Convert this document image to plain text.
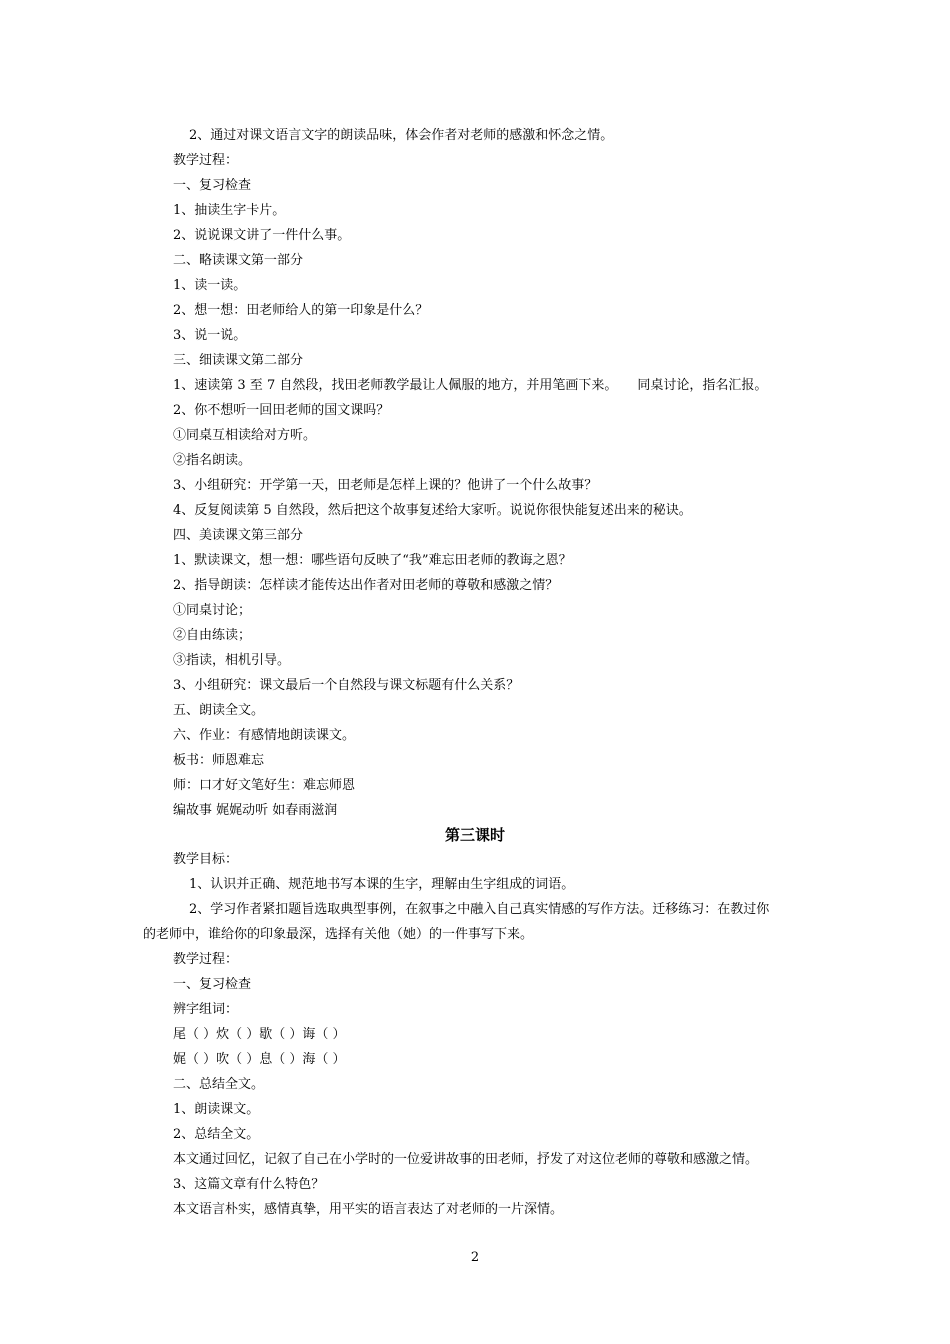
2、通过对课文语言文字的朗读品味，体会作者对老师的感激和怀念之情。
教学过程：
一、复习检查
1、抽读生字卡片。
2、说说课文讲了一件什么事。
二、略读课文第一部分
1、读一读。
2、想一想：田老师给人的第一印象是什么？
3、说一说。
三、细读课文第二部分
1、速读第 3 至 7 自然段，找田老师教学最让人佩服的地方，并用笔画下来。 同桌讨论，指名汇报。
2、你不想听一回田老师的国文课吗？
①同桌互相读给对方听。
②指名朗读。
3、小组研究：开学第一天，田老师是怎样上课的？他讲了一个什么故事？
4、反复阅读第 5 自然段，然后把这个故事复述给大家听。说说你很快能复述出来的秘诀。
四、美读课文第三部分
1、默读课文，想一想：哪些语句反映了“我”难忘田老师的教诲之恩？
2、指导朗读：怎样读才能传达出作者对田老师的尊敬和感激之情？
①同桌讨论；
②自由练读；
③指读，相机引导。
3、小组研究：课文最后一个自然段与课文标题有什么关系？
五、朗读全文。
六、作业：有感情地朗读课文。
板书：师恩难忘
师：口才好文笔好生：难忘师恩
编故事 娓娓动听 如春雨滋润
第三课时
教学目标：
1、认识并正确、规范地书写本课的生字，理解由生字组成的词语。
2、学习作者紧扣题旨选取典型事例，在叙事之中融入自己真实情感的写作方法。迁移练习：在教过你
的老师中，谁给你的印象最深，选择有关他（她）的一件事写下来。
教学过程：
一、复习检查
辨字组词：
尾（ ）炊（ ）歇（ ）诲（ ）
娓（ ）吹（ ）息（ ）海（ ）
二、总结全文。
1、朗读课文。
2、总结全文。
本文通过回忆，记叙了自己在小学时的一位爱讲故事的田老师，抒发了对这位老师的尊敬和感激之情。
3、这篇文章有什么特色？
本文语言朴实，感情真挚，用平实的语言表达了对老师的一片深情。
2
